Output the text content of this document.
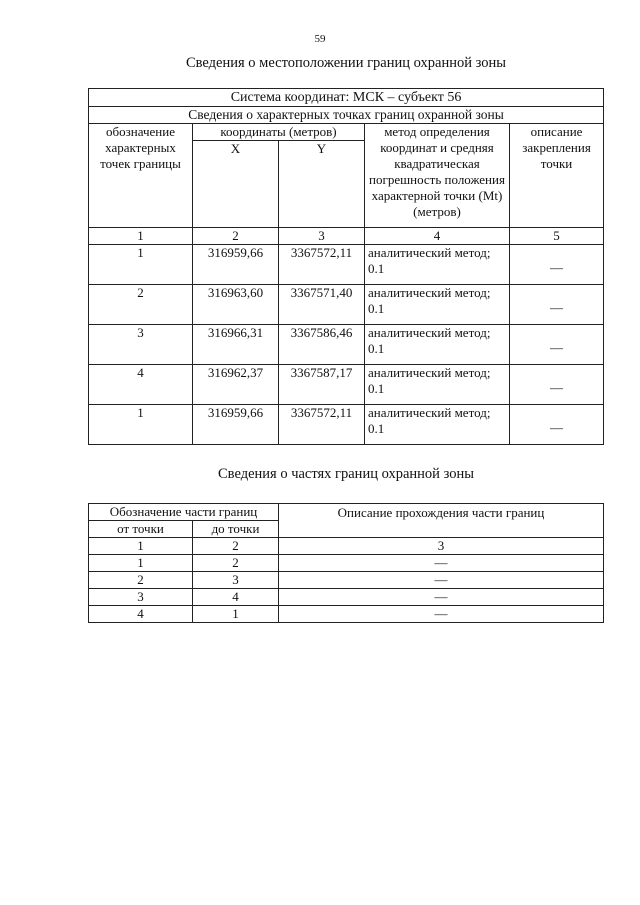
59
Сведения о местоположении границ охранной зоны
Система координат: МСК – субъект 56				
Сведения о характерных точках границ охранной зоны				
обозначение характерных точек границы	координаты (метров)		метод определения координат и средняя квадратическая погрешность положения характерной точки (Mt) (метров)	описание закрепления точки
	X	Y		
1	2	3	4	5
1	316959,66	3367572,11	аналитический метод; 0.1	—
2	316963,60	3367571,40	аналитический метод; 0.1	—
3	316966,31	3367586,46	аналитический метод; 0.1	—
4	316962,37	3367587,17	аналитический метод; 0.1	—
1	316959,66	3367572,11	аналитический метод; 0.1	—
Сведения о частях границ охранной зоны
Обозначение части границ		Описание прохождения части границ
от точки	до точки	
1	2	3
1	2	—
2	3	—
3	4	—
4	1	—
